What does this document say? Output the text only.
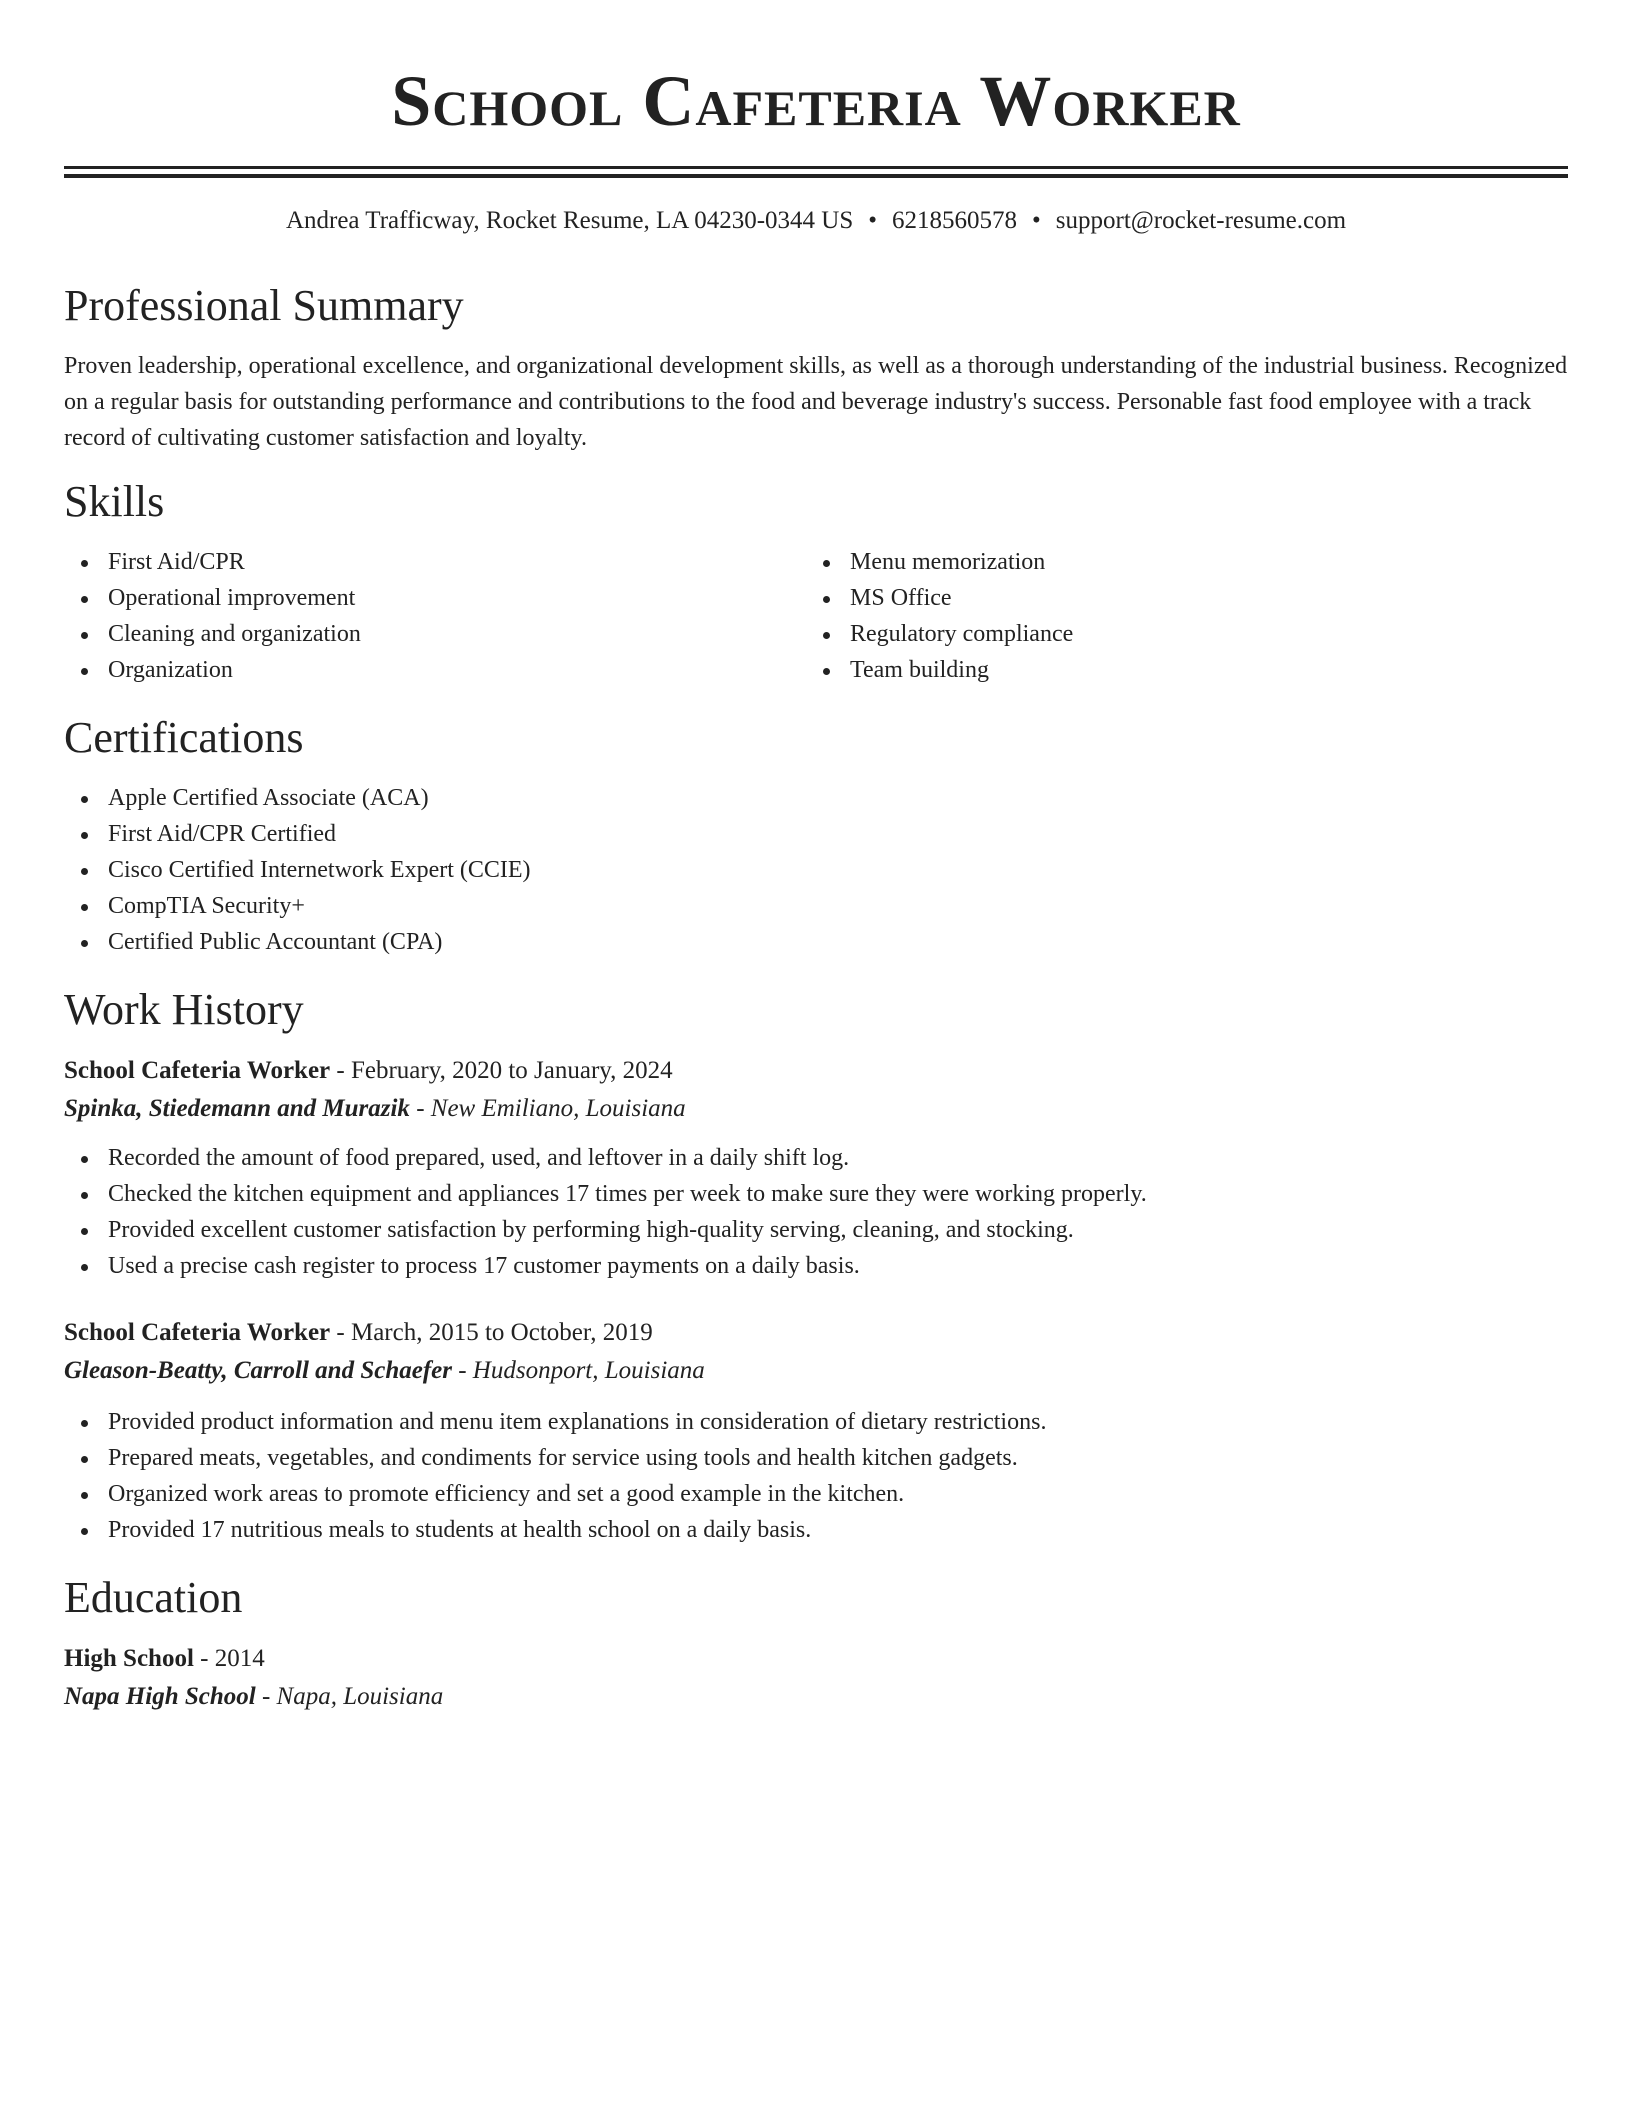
School Cafeteria Worker
Andrea Trafficway, Rocket Resume, LA 04230-0344 US • 6218560578 • support@rocket-resume.com
Professional Summary

Proven leadership, operational excellence, and organizational development skills, as well as a thorough understanding of the industrial business. Recognized on a regular basis for outstanding performance and contributions to the food and beverage industry's success. Personable fast food employee with a track record of cultivating customer satisfaction and loyalty.

Skills
First Aid/CPR
Operational improvement
Cleaning and organization
Organization
Menu memorization
MS Office
Regulatory compliance
Team building
Certifications
Apple Certified Associate (ACA)
First Aid/CPR Certified
Cisco Certified Internetwork Expert (CCIE)
CompTIA Security+
Certified Public Accountant (CPA)
Work History
School Cafeteria Worker - February, 2020 to January, 2024
Spinka, Stiedemann and Murazik - New Emiliano, Louisiana
Recorded the amount of food prepared, used, and leftover in a daily shift log.
Checked the kitchen equipment and appliances 17 times per week to make sure they were working properly.
Provided excellent customer satisfaction by performing high-quality serving, cleaning, and stocking.
Used a precise cash register to process 17 customer payments on a daily basis.
School Cafeteria Worker - March, 2015 to October, 2019
Gleason-Beatty, Carroll and Schaefer - Hudsonport, Louisiana
Provided product information and menu item explanations in consideration of dietary restrictions.
Prepared meats, vegetables, and condiments for service using tools and health kitchen gadgets.
Organized work areas to promote efficiency and set a good example in the kitchen.
Provided 17 nutritious meals to students at health school on a daily basis.
Education
High School - 2014
Napa High School - Napa, Louisiana
